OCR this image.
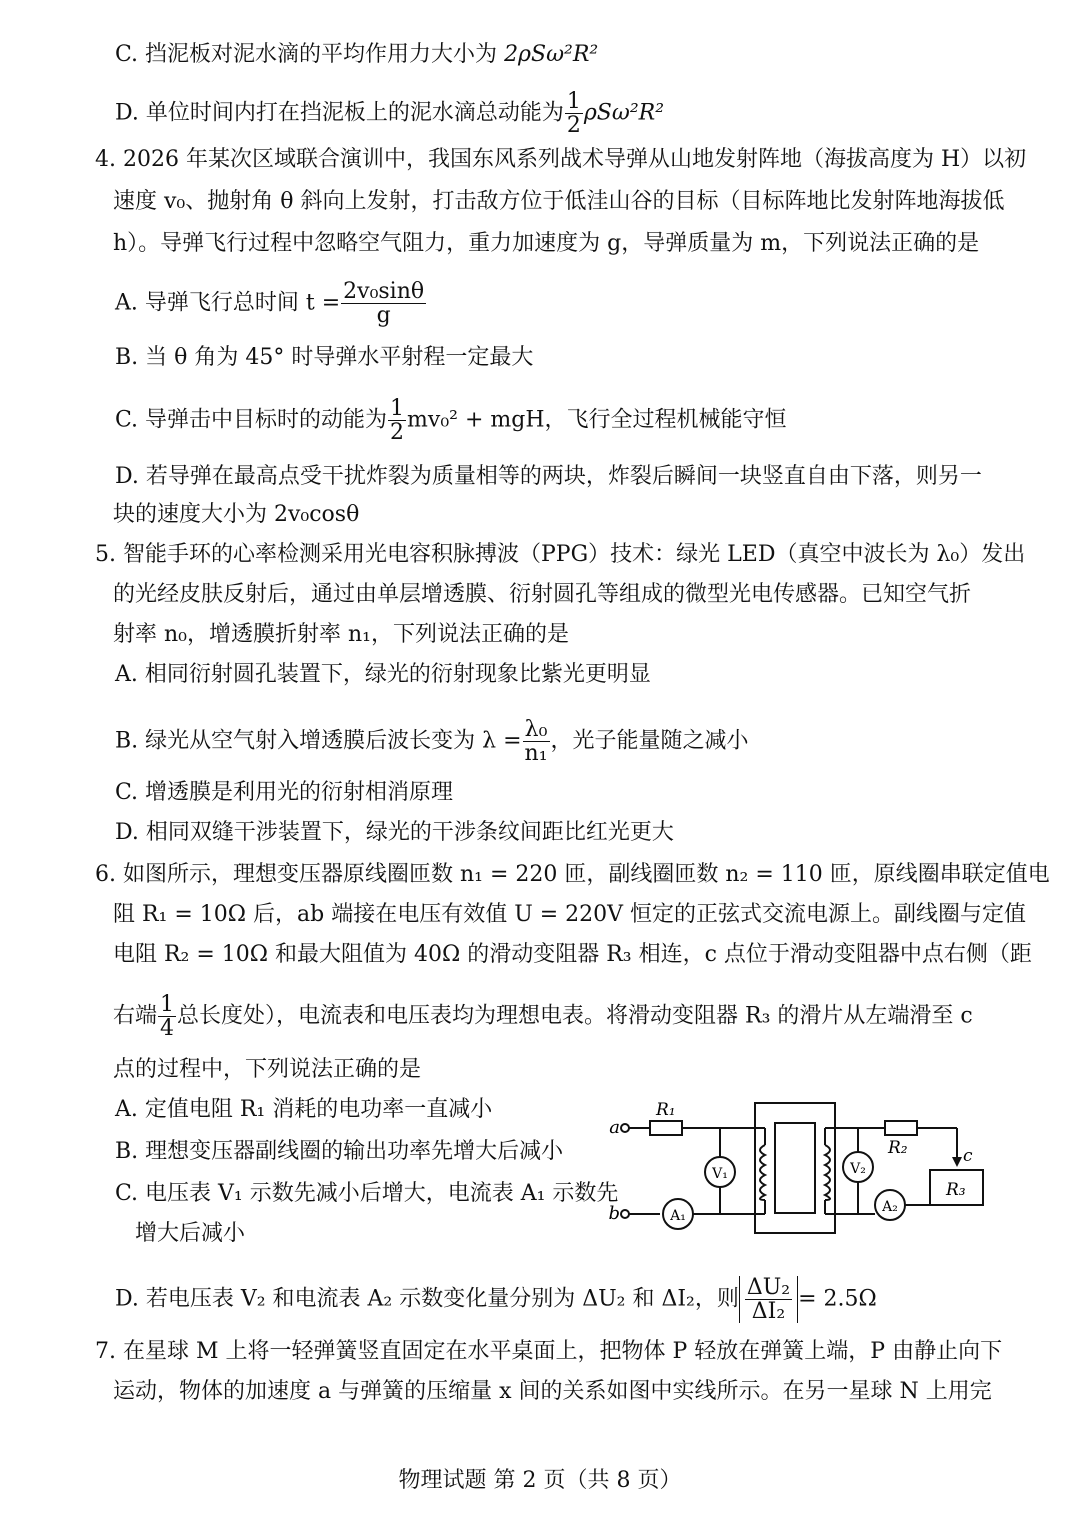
C. 挡泥板对泥水滴的平均作用力大小为 2ρSω²R²
D. 单位时间内打在挡泥板上的泥水滴总动能为 $\frac{1}{2} \rho S\omega^2R^2$
4. 2026 年某次区域联合演训中，我国东风系列战术导弹从山地发射阵地（海拔高度为 H）以初
速度 v₀、抛射角 θ 斜向上发射，打击敌方位于低洼山谷的目标（目标阵地比发射阵地海拔低
h）。导弹飞行过程中忽略空气阻力，重力加速度为 g，导弹质量为 m，下列说法正确的是
A. 导弹飞行总时间 $t = \frac{\text{2v₀sinθ}}{g}$
B. 当 θ 角为 45° 时导弹水平射程一定最大
C. 导弹击中目标时的动能为 $\frac{1}{2} mv_0^2$ + mgH，飞行全过程机械能守恒
D. 若导弹在最高点受干扰炸裂为质量相等的两块，炸裂后瞬间一块竖直自由下落，则另一
块的速度大小为 2v₀cosθ
5. 智能手环的心率检测采用光电容积脉搏波（PPG）技术：绿光 LED（真空中波长为 λ₀）发出
的光经皮肤反射后，通过由单层增透膜、衍射圆孔等组成的微型光电传感器。已知空气折
射率 n₀，增透膜折射率 n₁，下列说法正确的是
A. 相同衍射圆孔装置下，绿光的衍射现象比紫光更明显
B. 绿光从空气射入增透膜后波长变为 $\lambda = \frac{\text{λ₀}}{\text{n₁}}$ ，光子能量随之减小
C. 增透膜是利用光的衍射相消原理
D. 相同双缝干涉装置下，绿光的干涉条纹间距比红光更大
6. 如图所示，理想变压器原线圈匝数 n₁ = 220 匝，副线圈匝数 n₂ = 110 匝，原线圈串联定值电
阻 R₁ = 10Ω 后，ab 端接在电压有效值 U = 220V 恒定的正弦式交流电源上。副线圈与定值
电阻 R₂ = 10Ω 和最大阻值为 40Ω 的滑动变阻器 R₃ 相连，c 点位于滑动变阻器中点右侧（距
右端 $\frac{1}{4}$ 总长度处），电流表和电压表均为理想电表。将滑动变阻器 R₃ 的滑片从左端滑至 c
点的过程中，下列说法正确的是
A. 定值电阻 R₁ 消耗的电功率一直减小
B. 理想变压器副线圈的输出功率先增大后减小
C. 电压表 V₁ 示数先减小后增大，电流表 A₁ 示数先
增大后减小
D. 若电压表 V₂ 和电流表 A₂ 示数变化量分别为 ΔU₂ 和 ΔI₂，则 $\frac{\text{ΔU₂}}{\text{ΔI₂}} = 2.5\Omega$
a
b
R₁
R₂
R₃
c
V₁	V₂
A₁
A₂
7. 在星球 M 上将一轻弹簧竖直固定在水平桌面上，把物体 P 轻放在弹簧上端，P 由静止向下
运动，物体的加速度 a 与弹簧的压缩量 x 间的关系如图中实线所示。在另一星球 N 上用完
物理试题 第 2 页（共 8 页）
